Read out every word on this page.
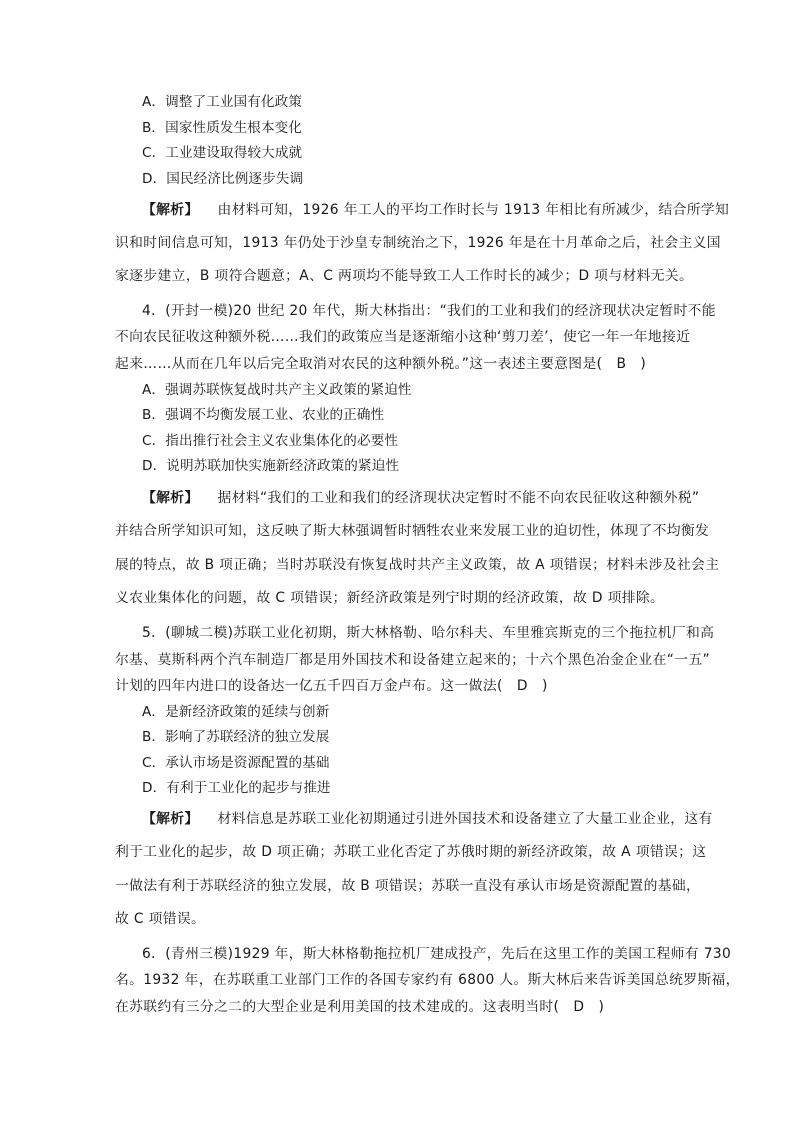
A．调整了工业国有化政策
B．国家性质发生根本变化
C．工业建设取得较大成就
D．国民经济比例逐步失调
【解析】 由材料可知，1926 年工人的平均工作时长与 1913 年相比有所减少，结合所学知
识和时间信息可知，1913 年仍处于沙皇专制统治之下，1926 年是在十月革命之后，社会主义国
家逐步建立，B 项符合题意；A、C 两项均不能导致工人工作时长的减少；D 项与材料无关。
4．(开封一模)20 世纪 20 年代，斯大林指出：“我们的工业和我们的经济现状决定暂时不能
不向农民征收这种额外税……我们的政策应当是逐渐缩小这种‘剪刀差’，使它一年一年地接近
起来……从而在几年以后完全取消对农民的这种额外税。”这一表述主要意图是(　B　)
A．强调苏联恢复战时共产主义政策的紧迫性
B．强调不均衡发展工业、农业的正确性
C．指出推行社会主义农业集体化的必要性
D．说明苏联加快实施新经济政策的紧迫性
【解析】 据材料“我们的工业和我们的经济现状决定暂时不能不向农民征收这种额外税”
并结合所学知识可知，这反映了斯大林强调暂时牺牲农业来发展工业的迫切性，体现了不均衡发
展的特点，故 B 项正确；当时苏联没有恢复战时共产主义政策，故 A 项错误；材料未涉及社会主
义农业集体化的问题，故 C 项错误；新经济政策是列宁时期的经济政策，故 D 项排除。
5．(聊城二模)苏联工业化初期，斯大林格勒、哈尔科夫、车里雅宾斯克的三个拖拉机厂和高
尔基、莫斯科两个汽车制造厂都是用外国技术和设备建立起来的；十六个黑色冶金企业在“一五”
计划的四年内进口的设备达一亿五千四百万金卢布。这一做法(　D　)
A．是新经济政策的延续与创新
B．影响了苏联经济的独立发展
C．承认市场是资源配置的基础
D．有利于工业化的起步与推进
【解析】 材料信息是苏联工业化初期通过引进外国技术和设备建立了大量工业企业，这有
利于工业化的起步，故 D 项正确；苏联工业化否定了苏俄时期的新经济政策，故 A 项错误；这
一做法有利于苏联经济的独立发展，故 B 项错误；苏联一直没有承认市场是资源配置的基础，
故 C 项错误。
6．(青州三模)1929 年，斯大林格勒拖拉机厂建成投产，先后在这里工作的美国工程师有 730
名。1932 年，在苏联重工业部门工作的各国专家约有 6800 人。斯大林后来告诉美国总统罗斯福，
在苏联约有三分之二的大型企业是利用美国的技术建成的。这表明当时(　D　)
